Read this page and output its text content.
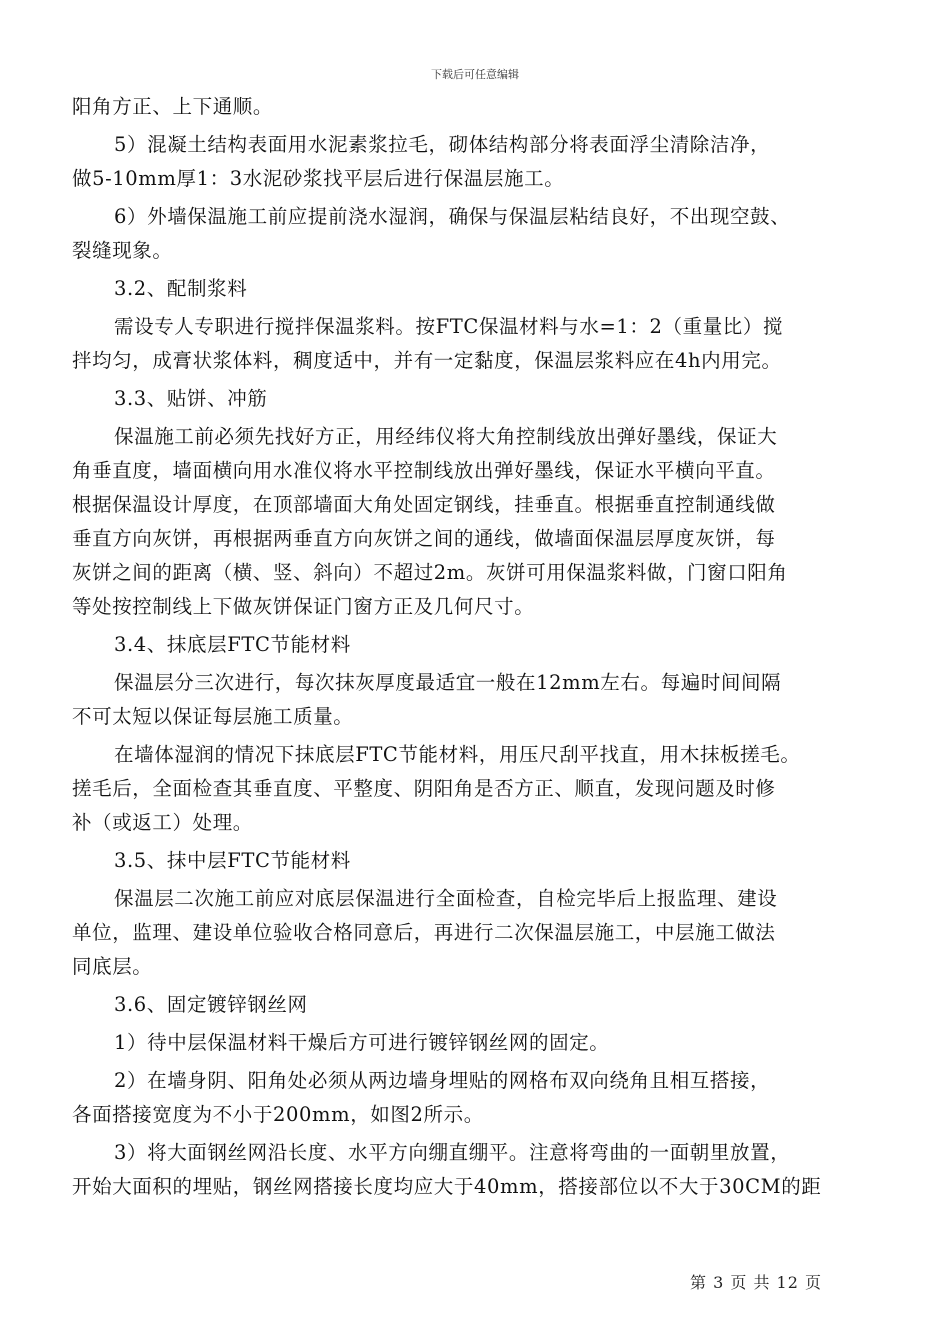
下载后可任意编辑
阳角方正、上下通顺。
5）混凝土结构表面用水泥素浆拉毛，砌体结构部分将表面浮尘清除洁净，
做5-10mm厚1：3水泥砂浆找平层后进行保温层施工。
6）外墙保温施工前应提前浇水湿润，确保与保温层粘结良好，不出现空鼓、
裂缝现象。
3.2、配制浆料
需设专人专职进行搅拌保温浆料。按FTC保温材料与水=1：2（重量比）搅
拌均匀，成膏状浆体料，稠度适中，并有一定黏度，保温层浆料应在4h内用完。
3.3、贴饼、冲筋
保温施工前必须先找好方正，用经纬仪将大角控制线放出弹好墨线，保证大
角垂直度，墙面横向用水准仪将水平控制线放出弹好墨线，保证水平横向平直。
根据保温设计厚度，在顶部墙面大角处固定钢线，挂垂直。根据垂直控制通线做
垂直方向灰饼，再根据两垂直方向灰饼之间的通线，做墙面保温层厚度灰饼，每
灰饼之间的距离（横、竖、斜向）不超过2m。灰饼可用保温浆料做，门窗口阳角
等处按控制线上下做灰饼保证门窗方正及几何尺寸。
3.4、抹底层FTC节能材料
保温层分三次进行，每次抹灰厚度最适宜一般在12mm左右。每遍时间间隔
不可太短以保证每层施工质量。
在墙体湿润的情况下抹底层FTC节能材料，用压尺刮平找直，用木抹板搓毛。
搓毛后，全面检查其垂直度、平整度、阴阳角是否方正、顺直，发现问题及时修
补（或返工）处理。
3.5、抹中层FTC节能材料
保温层二次施工前应对底层保温进行全面检查，自检完毕后上报监理、建设
单位，监理、建设单位验收合格同意后，再进行二次保温层施工，中层施工做法
同底层。
3.6、固定镀锌钢丝网
1）待中层保温材料干燥后方可进行镀锌钢丝网的固定。
2）在墙身阴、阳角处必须从两边墙身埋贴的网格布双向绕角且相互搭接，
各面搭接宽度为不小于200mm，如图2所示。
3）将大面钢丝网沿长度、水平方向绷直绷平。注意将弯曲的一面朝里放置，
开始大面积的埋贴，钢丝网搭接长度均应大于40mm，搭接部位以不大于30CM的距
第 3 页 共 12 页
